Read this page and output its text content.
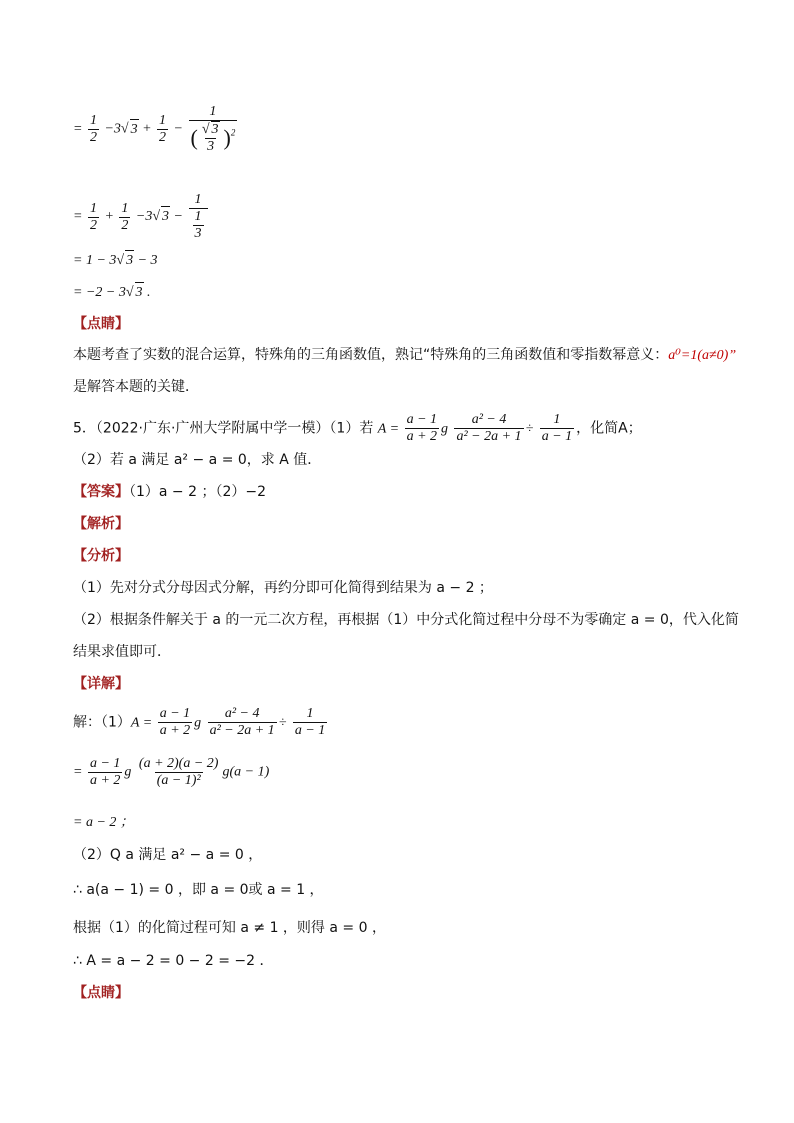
= $\frac{1}{2} -3√$ $3 + \frac{1}{2} - \frac{1}{( \frac{√ 3}{3} )^2}$
= $\frac{1}{2} + \frac{1}{2} -3√$ $3 - \frac{1}{\frac{1}{3}}$
= 1 − 3√ 3 − 3
= −2 − 3√ 3 .
【点睛】
本题考查了实数的混合运算，特殊角的三角函数值，熟记“特殊角的三角函数值和零指数幂意义：a⁰=1(a≠0)”
是解答本题的关键．
5．（2022·广东·广州大学附属中学一模）（1）若 $A = \frac{a - 1}{a + 2}$ g $\frac{\text{a² − 4}}{\text{a² − 2a + 1}} \div \frac{1}{a - 1}$ ，化简A；
（2）若 a 满足 a² − a = 0，求 A 值．
【答案】（1）a − 2 ；（2）−2
【解析】
【分析】
（1）先对分式分母因式分解，再约分即可化简得到结果为 a − 2 ；
（2）根据条件解关于 a 的一元二次方程，再根据（1）中分式化简过程中分母不为零确定 a = 0，代入化简
结果求值即可．
【详解】
解：$(1)A = \frac{a - 1}{a + 2}$ g $\frac{\text{a² − 4}}{\text{a² − 2a + 1}} \div \frac{1}{a - 1}$
= $\frac{a - 1}{a + 2}$ g $\frac{(a + 2)(a - 2)}{\text{(a − 1)²}} g(a - 1)$
= a − 2 ；
（2）Q a 满足 a² − a = 0 ，
∴ a(a − 1) = 0 ，即 a = 0或 a = 1 ，
根据（1）的化简过程可知 a ≠ 1 ，则得 a = 0 ，
∴ A = a − 2 = 0 − 2 = −2 ．
【点睛】
